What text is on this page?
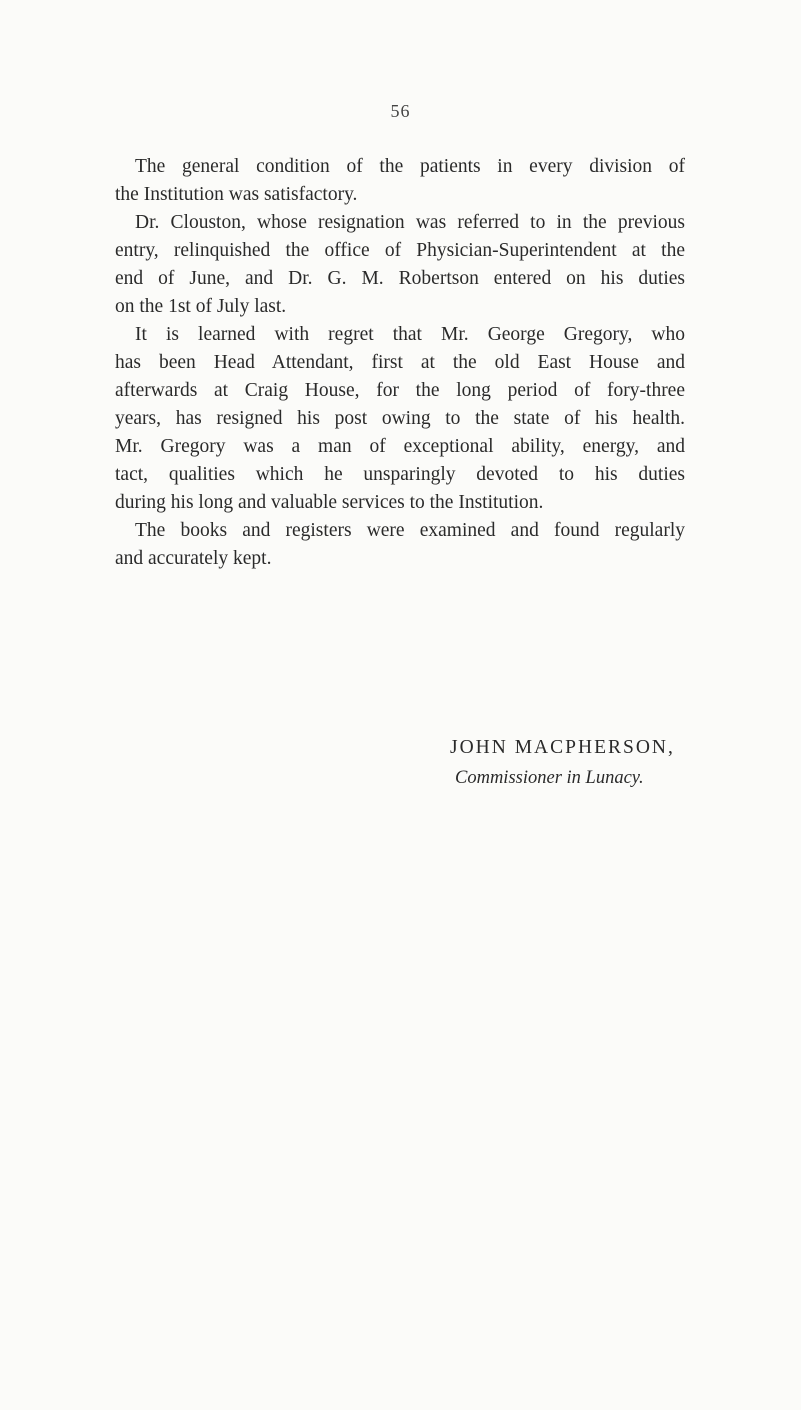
56
The general condition of the patients in every division of
the Institution was satisfactory.
Dr. Clouston, whose resignation was referred to in the previous
entry, relinquished the office of Physician-Superintendent at the
end of June, and Dr. G. M. Robertson entered on his duties
on the 1st of July last.
It is learned with regret that Mr. George Gregory, who
has been Head Attendant, first at the old East House and
afterwards at Craig House, for the long period of fory-three
years, has resigned his post owing to the state of his health.
Mr. Gregory was a man of exceptional ability, energy, and
tact, qualities which he unsparingly devoted to his duties
during his long and valuable services to the Institution.
The books and registers were examined and found regularly
and accurately kept.
JOHN MACPHERSON,
Commissioner in Lunacy.
